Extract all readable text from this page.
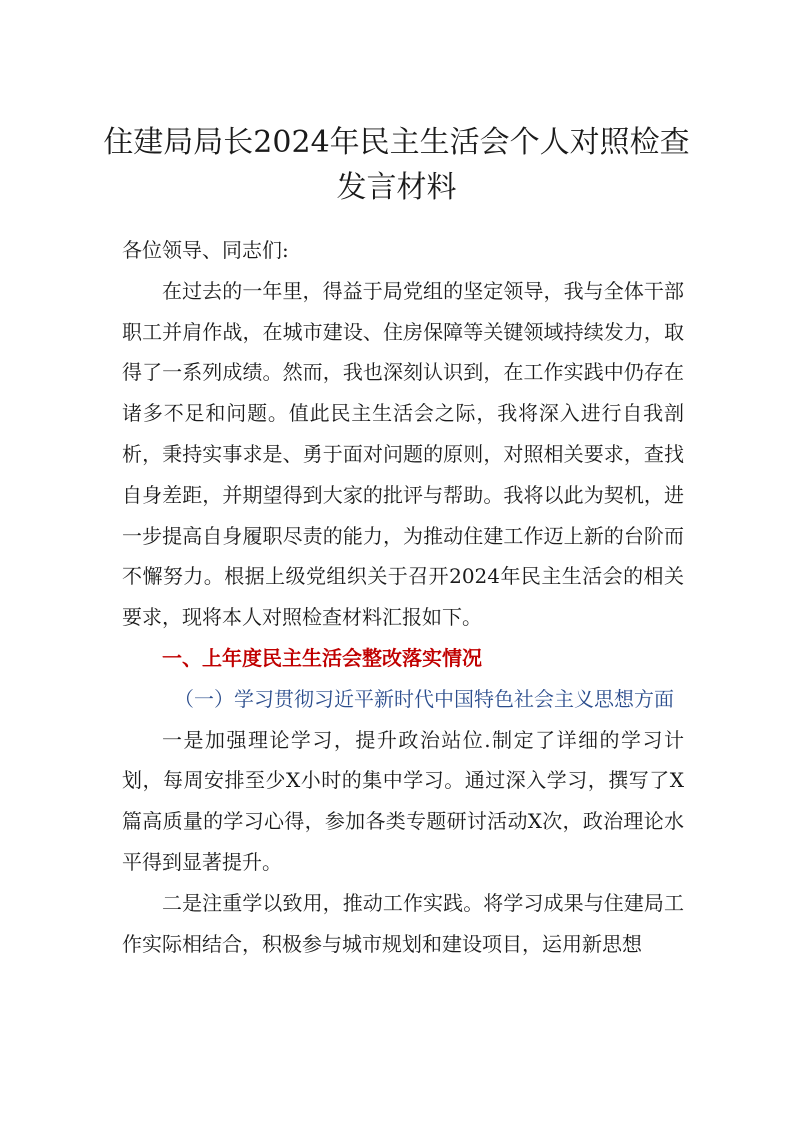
住建局局长2024年民主生活会个人对照检查
发言材料

各位领导、同志们:

在过去的一年里，得益于局党组的坚定领导，我与全体干部职工并肩作战，在城市建设、住房保障等关键领域持续发力，取得了一系列成绩。然而，我也深刻认识到，在工作实践中仍存在诸多不足和问题。值此民主生活会之际，我将深入进行自我剖析，秉持实事求是、勇于面对问题的原则，对照相关要求，查找自身差距，并期望得到大家的批评与帮助。我将以此为契机，进一步提高自身履职尽责的能力，为推动住建工作迈上新的台阶而不懈努力。根据上级党组织关于召开2024年民主生活会的相关要求，现将本人对照检查材料汇报如下。

一、上年度民主生活会整改落实情况

（一）学习贯彻习近平新时代中国特色社会主义思想方面

一是加强理论学习，提升政治站位.制定了详细的学习计划，每周安排至少X小时的集中学习。通过深入学习，撰写了X篇高质量的学习心得，参加各类专题研讨活动X次，政治理论水平得到显著提升。

二是注重学以致用，推动工作实践。将学习成果与住建局工作实际相结合，积极参与城市规划和建设项目，运用新思想
